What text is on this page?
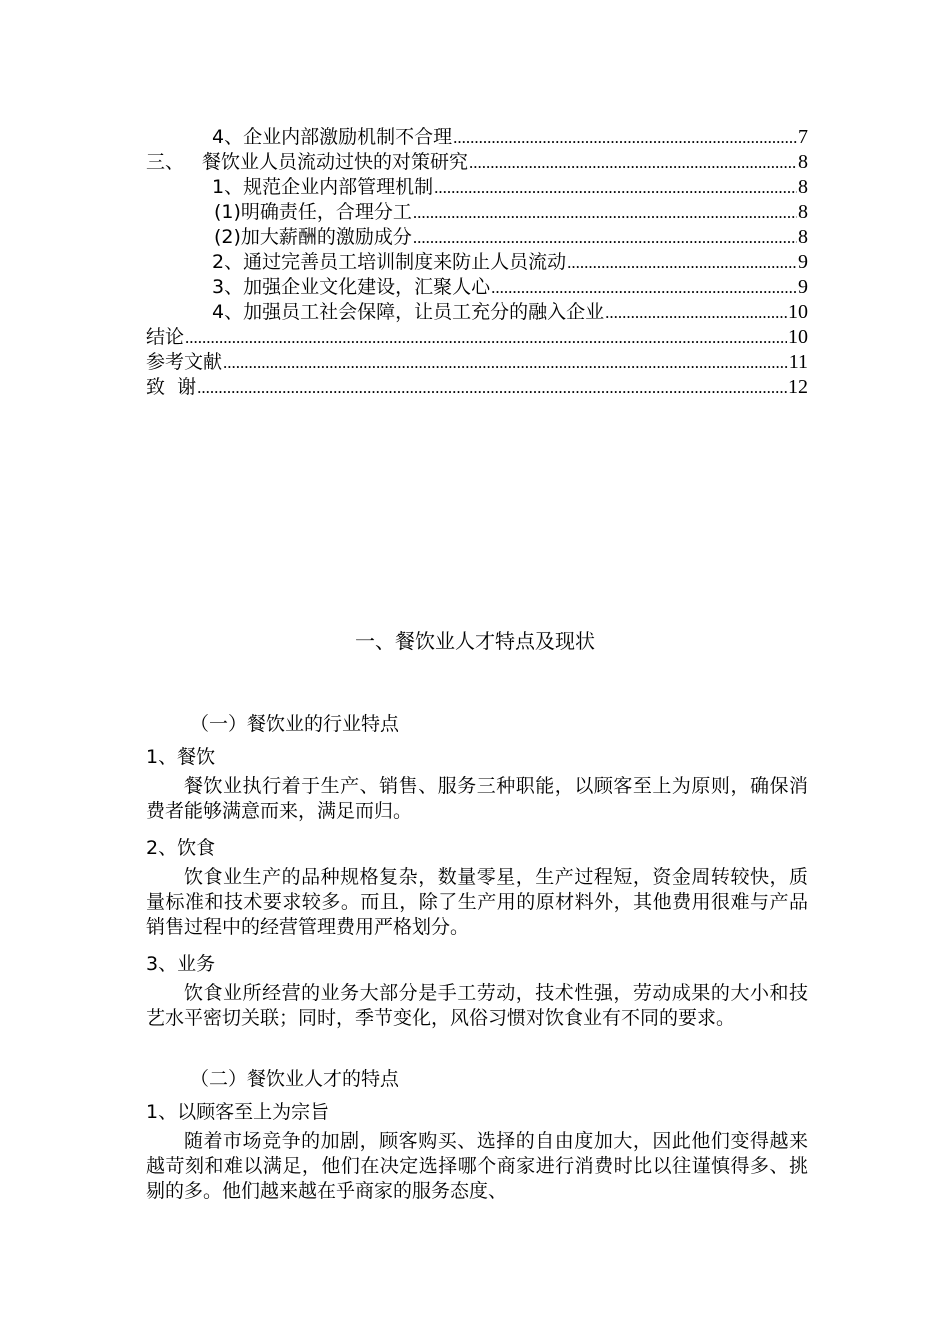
4、企业内部激励机制不合理 .....	7
三、 餐饮业人员流动过快的对策研究 .....	8
1、规范企业内部管理机制 .....	8
(1)明确责任，合理分工 .....	8
(2)加大薪酬的激励成分 .....	8
2、通过完善员工培训制度来防止人员流动 .....	9
3、加强企业文化建设，汇聚人心 .....	9
4、加强员工社会保障，让员工充分的融入企业 .....	10
结论 .....	10
参考文献 .....	11
致  谢 .....	12
一、餐饮业人才特点及现状
（一）餐饮业的行业特点
1、餐饮

餐饮业执行着于生产、销售、服务三种职能，以顾客至上为原则，确保消费者能够满意而来，满足而归。

2、饮食

饮食业生产的品种规格复杂，数量零星，生产过程短，资金周转较快，质量标准和技术要求较多。而且，除了生产用的原材料外，其他费用很难与产品销售过程中的经营管理费用严格划分。

3、业务

饮食业所经营的业务大部分是手工劳动，技术性强，劳动成果的大小和技艺水平密切关联；同时，季节变化，风俗习惯对饮食业有不同的要求。

（二）餐饮业人才的特点
1、以顾客至上为宗旨

随着市场竞争的加剧，顾客购买、选择的自由度加大，因此他们变得越来越苛刻和难以满足，他们在决定选择哪个商家进行消费时比以往谨慎得多、挑剔的多。他们越来越在乎商家的服务态度、
